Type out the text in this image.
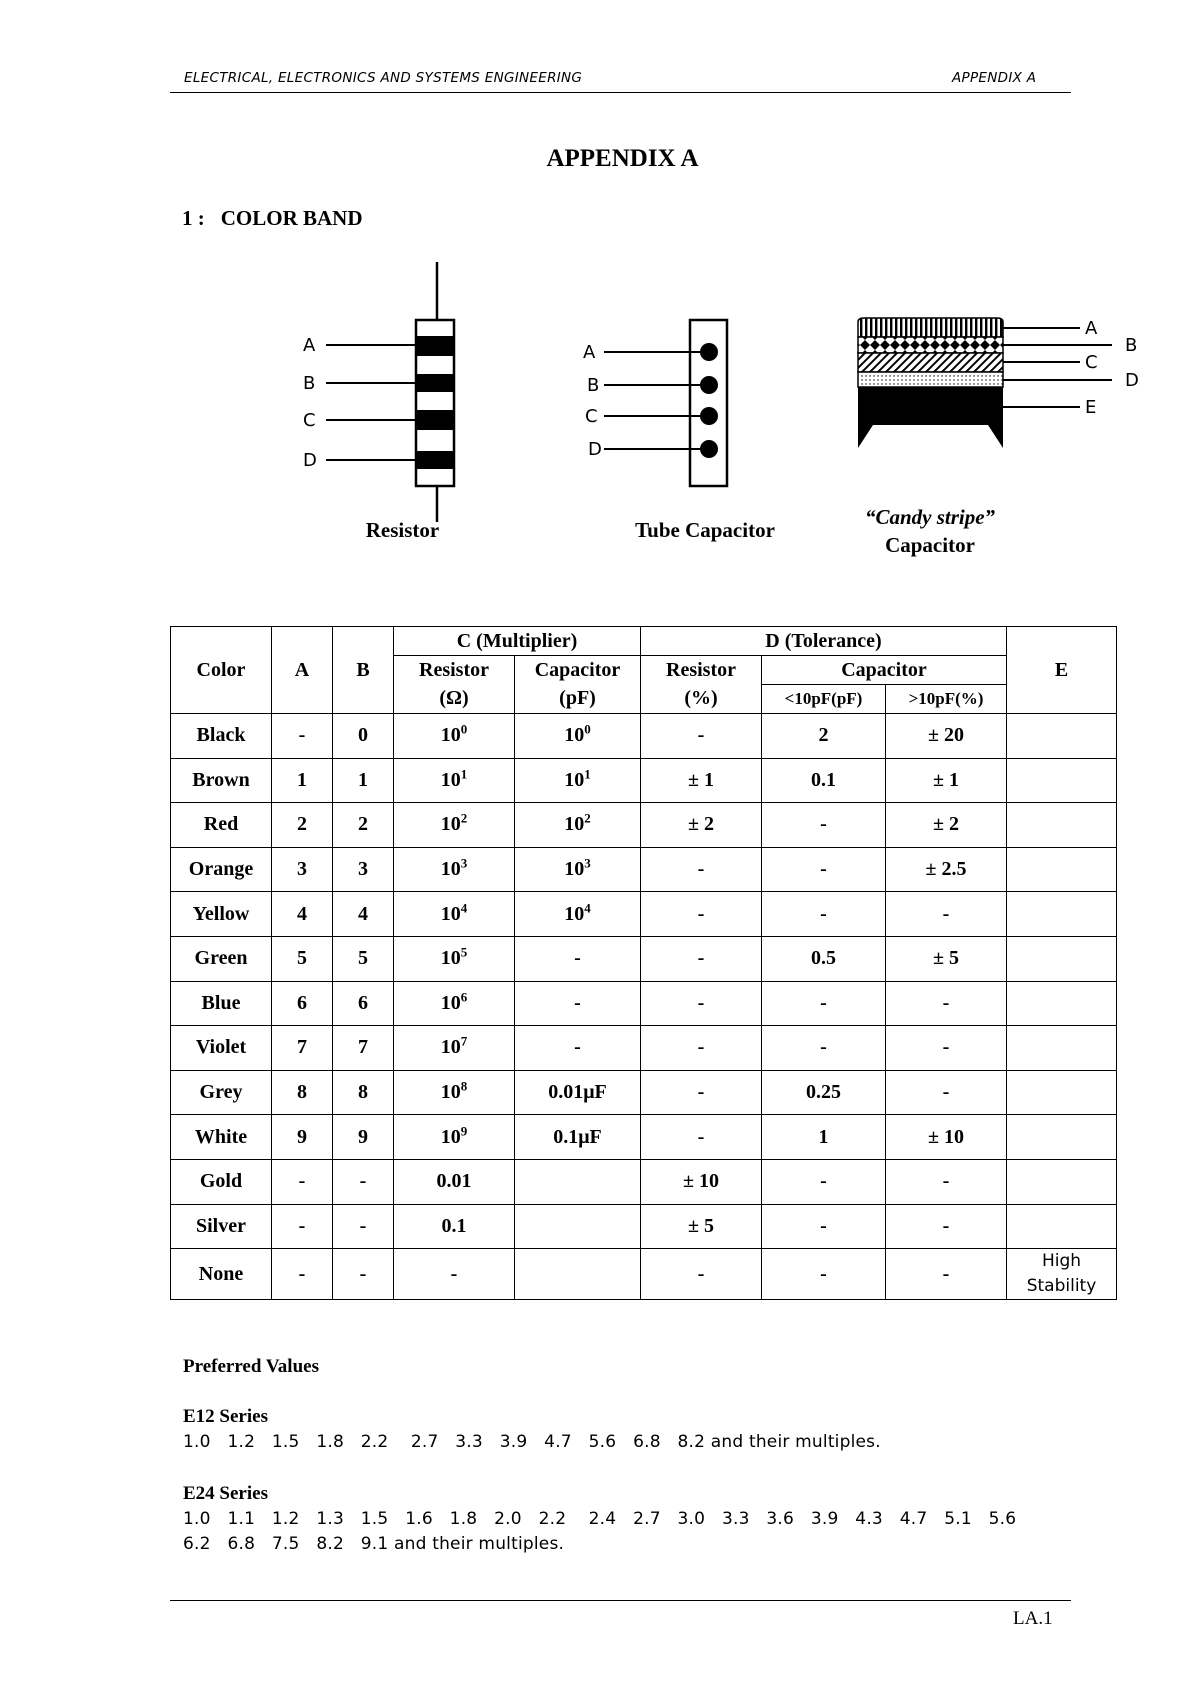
ELECTRICAL, ELECTRONICS AND SYSTEMS ENGINEERING	APPENDIX A
APPENDIX A
1 : COLOR BAND
A
B
C
D
A
B
C
D
A
B
C
D
E
Resistor	Tube Capacitor
“Candy stripe”
Capacitor
Color	A	B	C (Multiplier)		D (Tolerance)			E
			Resistor	Capacitor	Resistor	Capacitor		
			(Ω)	(pF)	(%)	<10pF(pF)	>10pF(%)	
Black	-	0	$10^0$	$10^0$	-	2	± 20	
Brown	1	1	$10^1$	$10^1$	± 1	0.1	± 1	
Red	2	2	$10^2$	$10^2$	± 2	-	± 2	
Orange	3	3	$10^3$	$10^3$	-	-	± 2.5	
Yellow	4	4	$10^4$	$10^4$	-	-	-	
Green	5	5	$10^5$	-	-	0.5	± 5	
Blue	6	6	$10^6$	-	-	-	-	
Violet	7	7	$10^7$	-	-	-	-	
Grey	8	8	$10^8$	0.01μF	-	0.25	-	
White	9	9	$10^9$	0.1μF	-	1	± 10	
Gold	-	-	0.01		± 10	-	-	
Silver	-	-	0.1		± 5	-	-	
None	-	-	-		-	-	-	High Stability
Preferred Values
E12 Series
1.0   1.2   1.5   1.8   2.2    2.7   3.3   3.9   4.7   5.6   6.8   8.2 and their multiples.
E24 Series
1.0   1.1   1.2   1.3   1.5   1.6   1.8   2.0   2.2    2.4   2.7   3.0   3.3   3.6   3.9   4.3   4.7   5.1   5.6
6.2   6.8   7.5   8.2   9.1 and their multiples.
LA.1
